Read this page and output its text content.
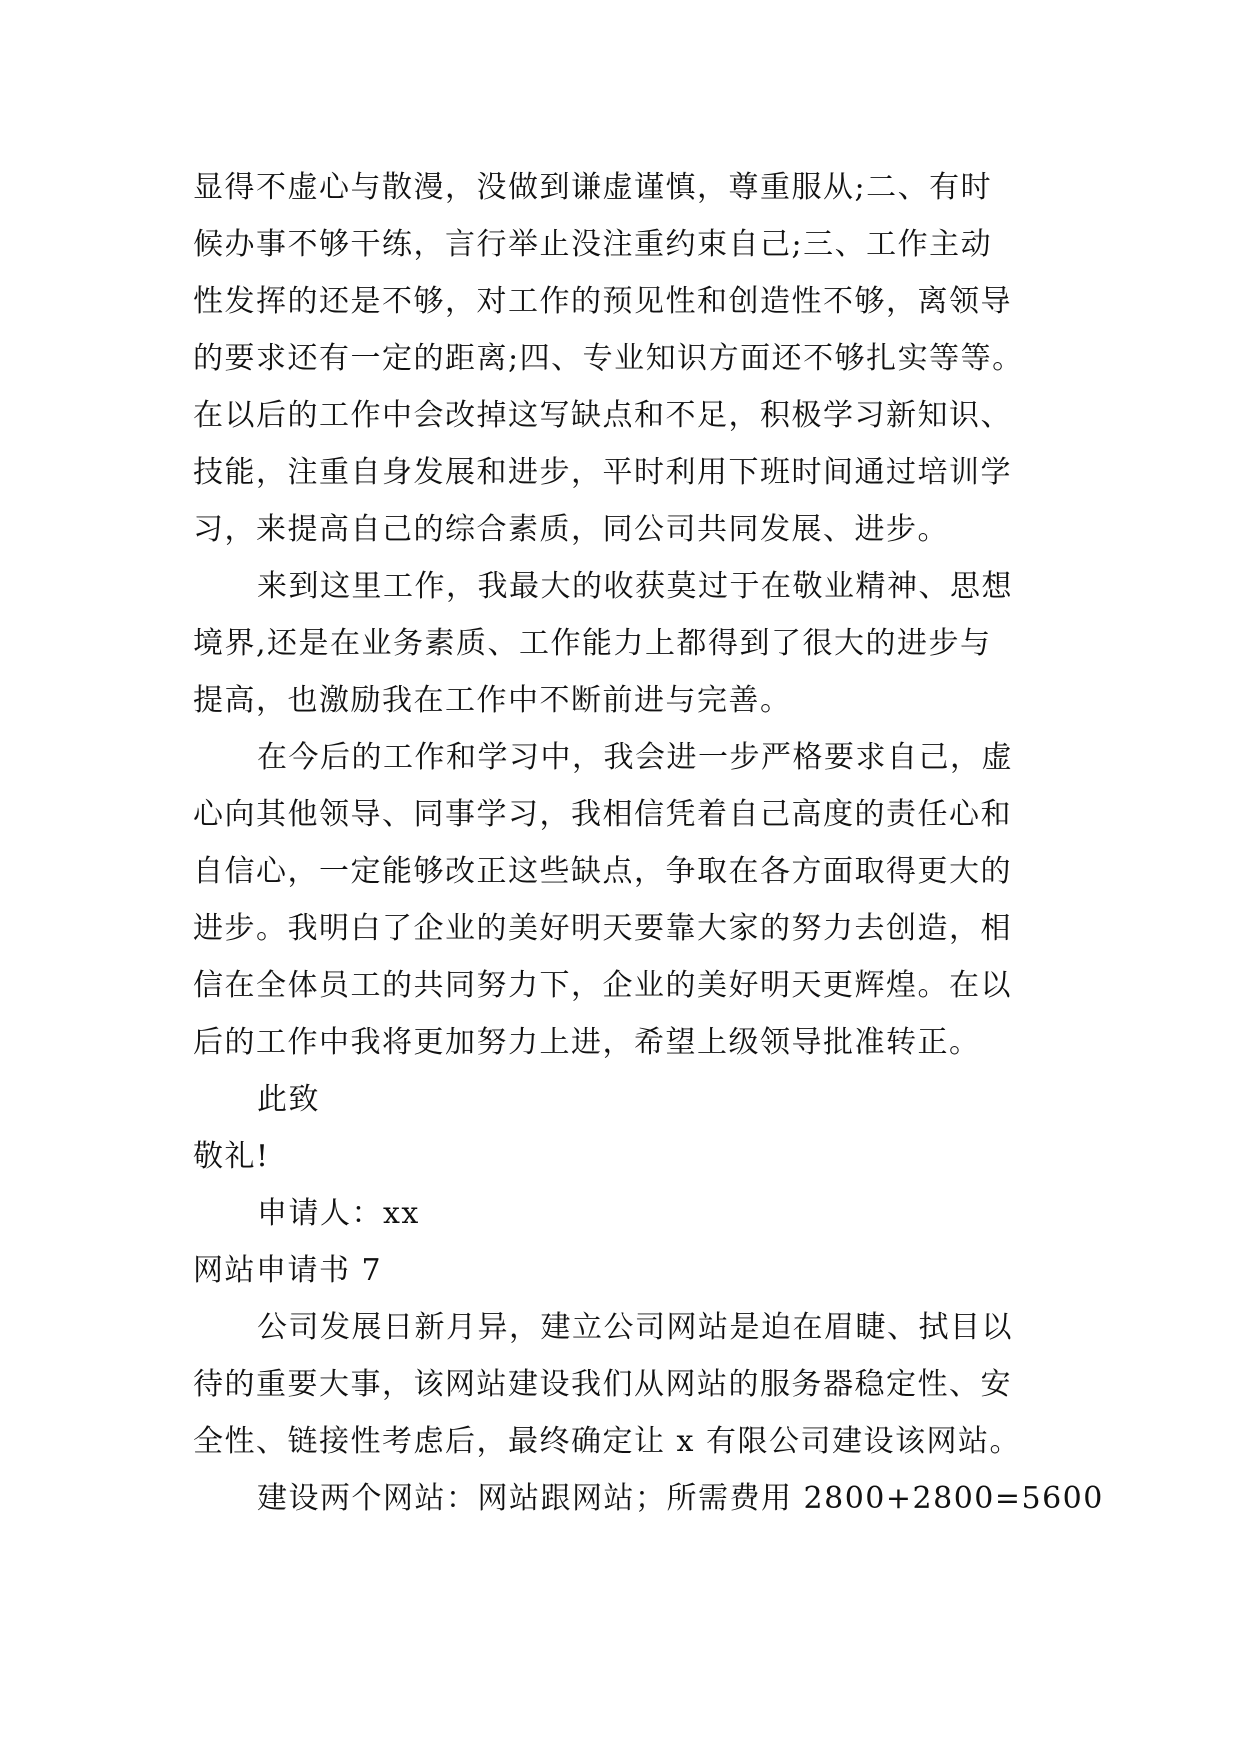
显得不虚心与散漫，没做到谦虚谨慎，尊重服从;二、有时
候办事不够干练，言行举止没注重约束自己;三、工作主动
性发挥的还是不够，对工作的预见性和创造性不够，离领导
的要求还有一定的距离;四、专业知识方面还不够扎实等等。
在以后的工作中会改掉这写缺点和不足，积极学习新知识、
技能，注重自身发展和进步，平时利用下班时间通过培训学
习，来提高自己的综合素质，同公司共同发展、进步。
来到这里工作，我最大的收获莫过于在敬业精神、思想
境界,还是在业务素质、工作能力上都得到了很大的进步与
提高，也激励我在工作中不断前进与完善。
在今后的工作和学习中，我会进一步严格要求自己，虚
心向其他领导、同事学习，我相信凭着自己高度的责任心和
自信心，一定能够改正这些缺点，争取在各方面取得更大的
进步。我明白了企业的美好明天要靠大家的努力去创造，相
信在全体员工的共同努力下，企业的美好明天更辉煌。在以
后的工作中我将更加努力上进，希望上级领导批准转正。
此致
敬礼!
申请人：xx
网站申请书 7
公司发展日新月异，建立公司网站是迫在眉睫、拭目以
待的重要大事，该网站建设我们从网站的服务器稳定性、安
全性、链接性考虑后，最终确定让 x 有限公司建设该网站。
建设两个网站：网站跟网站；所需费用 2800+2800=5600
